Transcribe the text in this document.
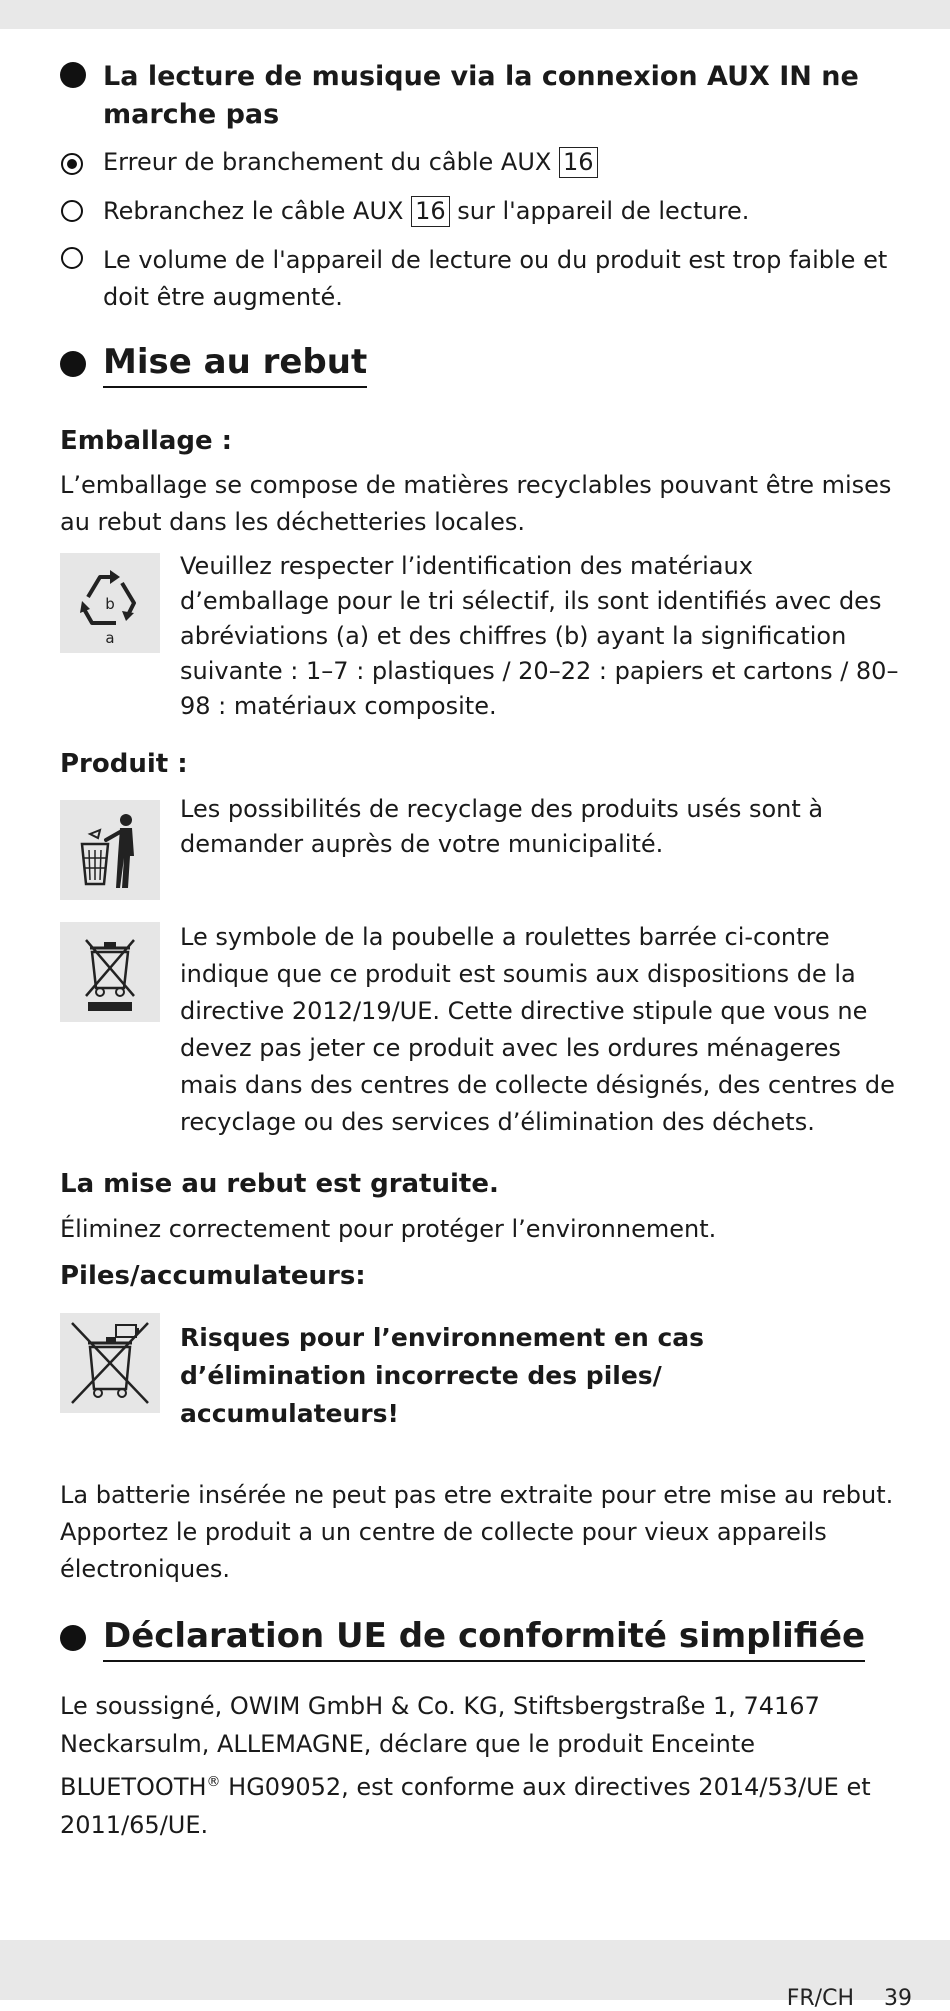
La lecture de musique via la connexion AUX IN ne marche pas
Erreur de branchement du câble AUX 16
Rebranchez le câble AUX 16 sur l'appareil de lecture.
Le volume de l'appareil de lecture ou du produit est trop faible et doit être augmenté.
Mise au rebut
Emballage :
L’emballage se compose de matières recyclables pouvant être mises au rebut dans les déchetteries locales.
b
a
Veuillez respecter l’identification des matériaux d’emballage pour le tri sélectif, ils sont identifiés avec des abréviations (a) et des chiffres (b) ayant la signification suivante : 1–7 : plastiques / 20–22 : papiers et cartons / 80–98 : matériaux composite.
Produit :
Les possibilités de recyclage des produits usés sont à demander auprès de votre municipalité.
Le symbole de la poubelle a roulettes barrée ci-contre indique que ce produit est soumis aux dispositions de la directive 2012/19/UE. Cette directive stipule que vous ne devez pas jeter ce produit avec les ordures ménageres mais dans des centres de collecte désignés, des centres de recyclage ou des services d’élimination des déchets.
La mise au rebut est gratuite.
Éliminez correctement pour protéger l’environnement.
Piles/accumulateurs:
Risques pour l’environnement en cas d’élimination incorrecte des piles/ accumulateurs!
La batterie insérée ne peut pas etre extraite pour etre mise au rebut. Apportez le produit a un centre de collecte pour vieux appareils électroniques.
Déclaration UE de conformité simplifiée
Le soussigné, OWIM GmbH & Co. KG, Stiftsbergstraße 1, 74167 Neckarsulm, ALLEMAGNE, déclare que le produit Enceinte BLUETOOTH® HG09052, est conforme aux directives 2014/53/UE et 2011/65/UE.
FR/CH 39
